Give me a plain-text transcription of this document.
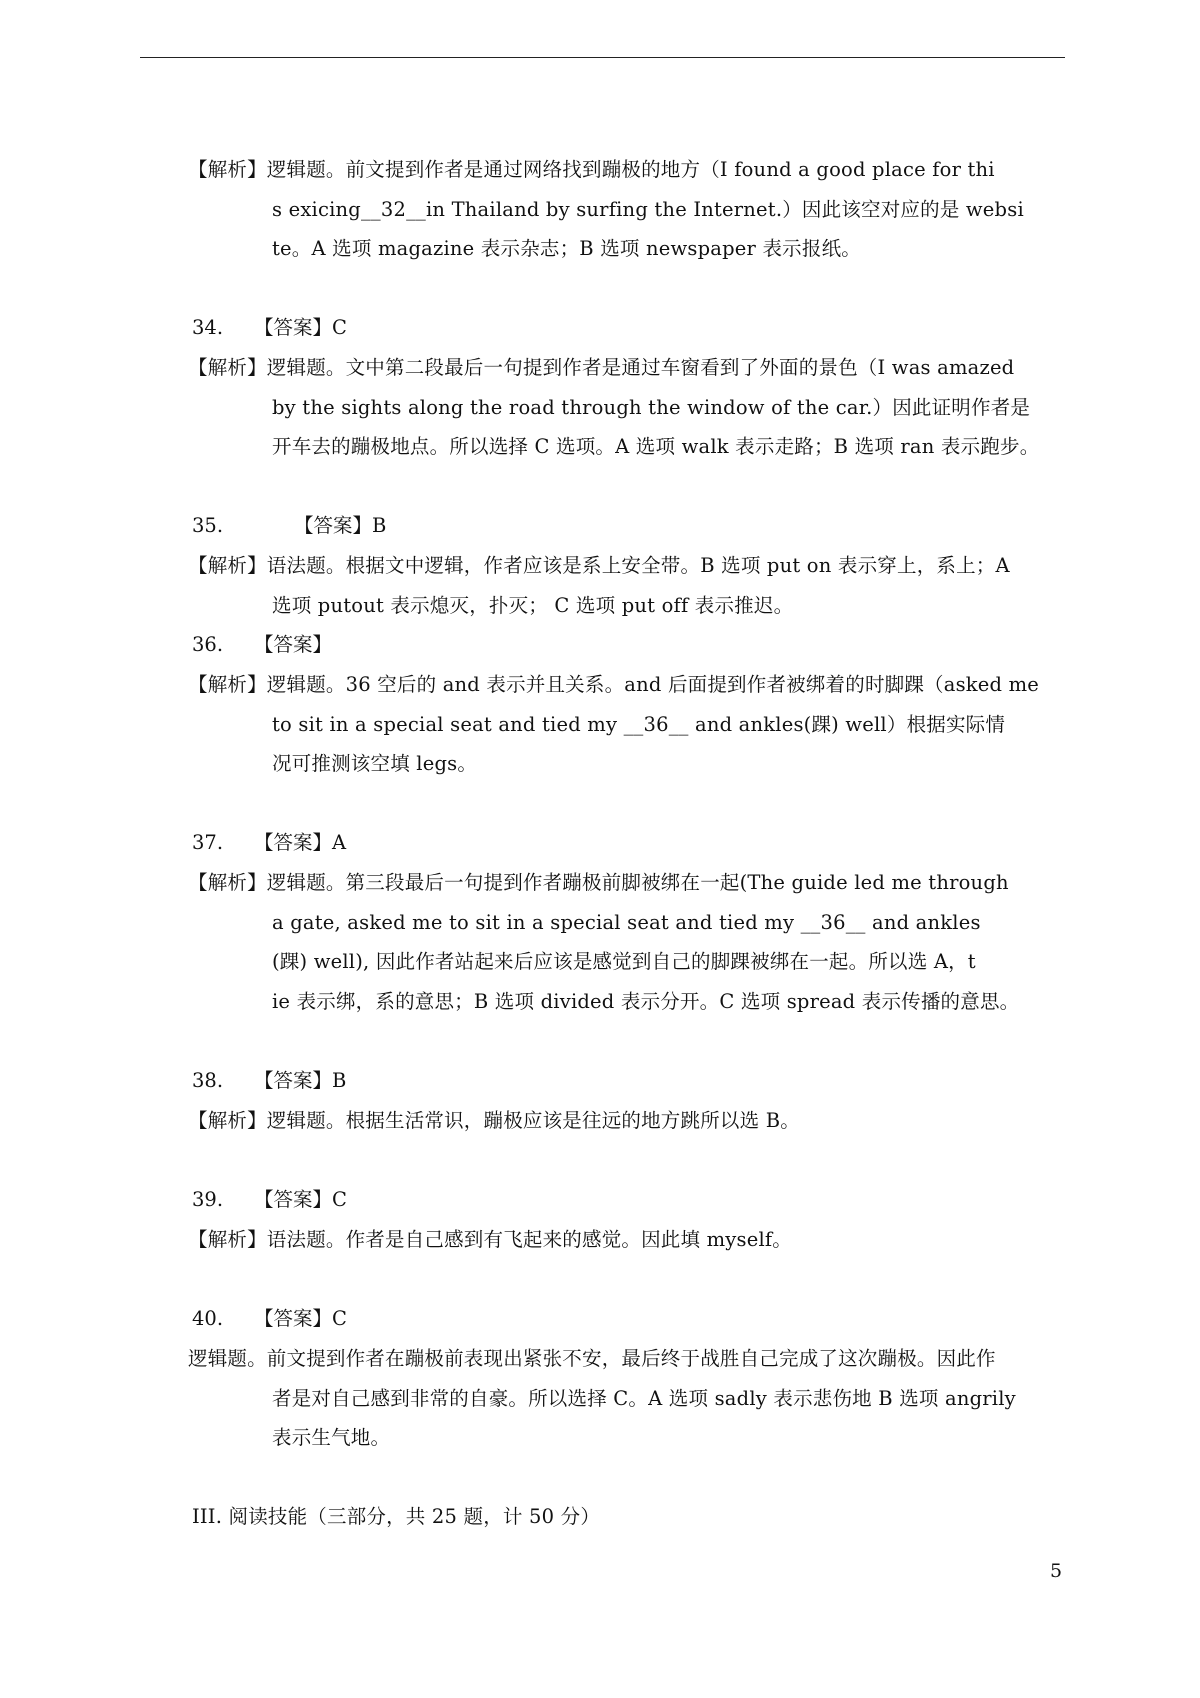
【解析】逻辑题。前文提到作者是通过网络找到蹦极的地方（I found a good place for thi
s exicing__32__in Thailand by surfing the Internet.）因此该空对应的是 websi
te。A 选项 magazine 表示杂志；B 选项 newspaper 表示报纸。
34. 【答案】C
【解析】逻辑题。文中第二段最后一句提到作者是通过车窗看到了外面的景色（I was amazed
by the sights along the road through the window of the car.）因此证明作者是
开车去的蹦极地点。所以选择 C 选项。A 选项 walk 表示走路；B 选项 ran 表示跑步。
35.	【答案】B
【解析】语法题。根据文中逻辑，作者应该是系上安全带。B 选项 put on 表示穿上，系上；A
选项 putout 表示熄灭，扑灭； C 选项 put off 表示推迟。
36. 【答案】
【解析】逻辑题。36 空后的 and 表示并且关系。and 后面提到作者被绑着的时脚踝（asked me
to sit in a special seat and tied my __36__ and ankles(踝) well）根据实际情
况可推测该空填 legs。
37. 【答案】A
【解析】逻辑题。第三段最后一句提到作者蹦极前脚被绑在一起(The guide led me through
a gate, asked me to sit in a special seat and tied my __36__ and ankles
(踝) well), 因此作者站起来后应该是感觉到自己的脚踝被绑在一起。所以选 A，t
ie 表示绑，系的意思；B 选项 divided 表示分开。C 选项 spread 表示传播的意思。
38. 【答案】B
【解析】逻辑题。根据生活常识，蹦极应该是往远的地方跳所以选 B。
39. 【答案】C
【解析】语法题。作者是自己感到有飞起来的感觉。因此填 myself。
40. 【答案】C
逻辑题。前文提到作者在蹦极前表现出紧张不安，最后终于战胜自己完成了这次蹦极。因此作
者是对自己感到非常的自豪。所以选择 C。A 选项 sadly 表示悲伤地 B 选项 angrily
表示生气地。
III. 阅读技能（三部分，共 25 题，计 50 分）
5
